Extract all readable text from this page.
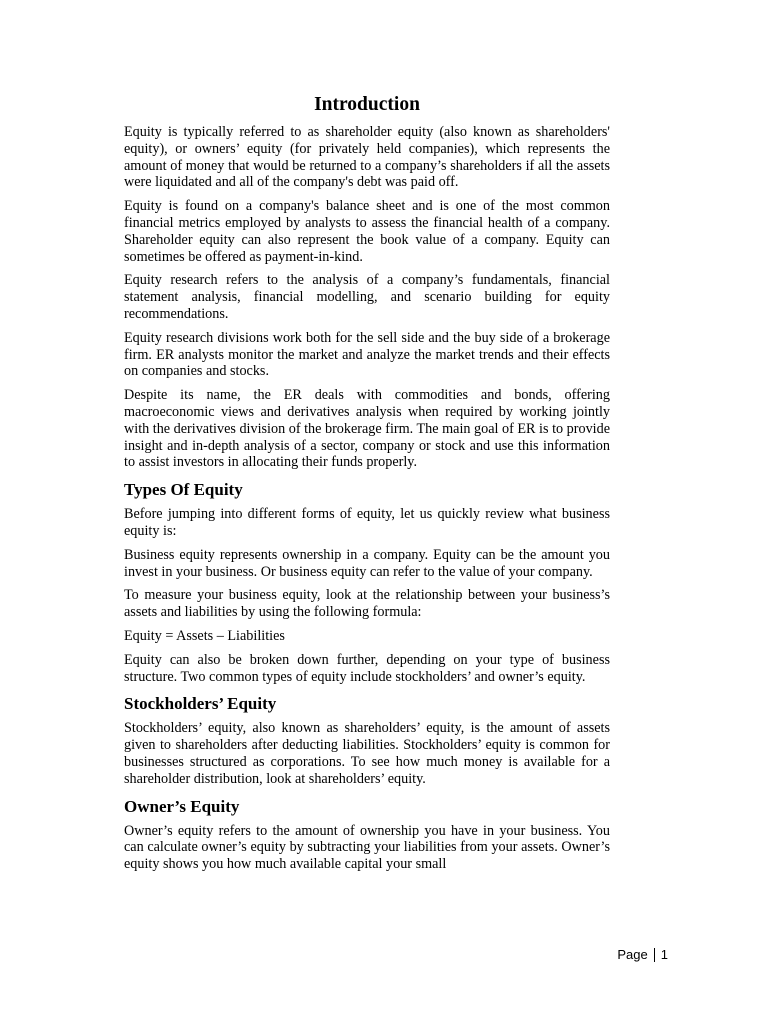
Introduction

Equity is typically referred to as shareholder equity (also known as shareholders' equity), or owners’ equity (for privately held companies), which represents the amount of money that would be returned to a company’s shareholders if all the assets were liquidated and all of the company's debt was paid off.

Equity is found on a company's balance sheet and is one of the most common financial metrics employed by analysts to assess the financial health of a company. Shareholder equity can also represent the book value of a company. Equity can sometimes be offered as payment-in-kind.

Equity research refers to the analysis of a company’s fundamentals, financial statement analysis, financial modelling, and scenario building for equity recommendations.

Equity research divisions work both for the sell side and the buy side of a brokerage firm. ER analysts monitor the market and analyze the market trends and their effects on companies and stocks.

Despite its name, the ER deals with commodities and bonds, offering macroeconomic views and derivatives analysis when required by working jointly with the derivatives division of the brokerage firm. The main goal of ER is to provide insight and in-depth analysis of a sector, company or stock and use this information to assist investors in allocating their funds properly.

Types Of Equity

Before jumping into different forms of equity, let us quickly review what business equity is:

Business equity represents ownership in a company. Equity can be the amount you invest in your business. Or business equity can refer to the value of your company.

To measure your business equity, look at the relationship between your business’s assets and liabilities by using the following formula:

Equity = Assets – Liabilities

Equity can also be broken down further, depending on your type of business structure. Two common types of equity include stockholders’ and owner’s equity.

Stockholders’ Equity

Stockholders’ equity, also known as shareholders’ equity, is the amount of assets given to shareholders after deducting liabilities. Stockholders’ equity is common for businesses structured as corporations. To see how much money is available for a shareholder distribution, look at shareholders’ equity.

Owner’s Equity

Owner’s equity refers to the amount of ownership you have in your business. You can calculate owner’s equity by subtracting your liabilities from your assets. Owner’s equity shows you how much available capital your small

Page 1
